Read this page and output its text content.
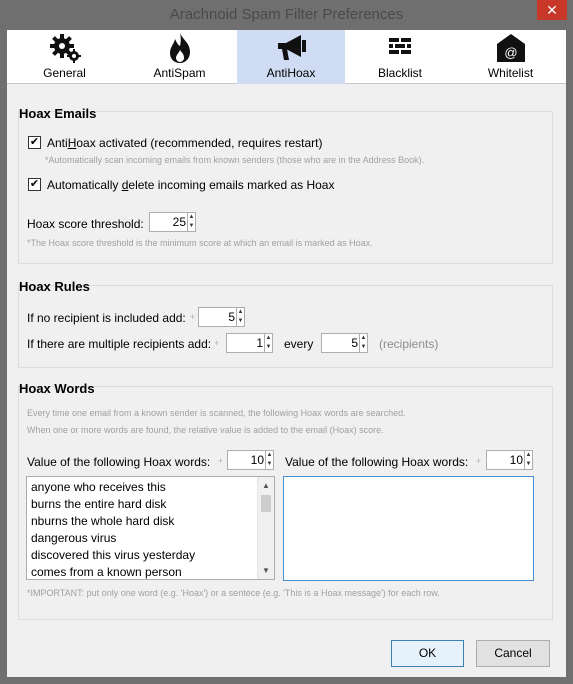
Arachnoid Spam Filter Preferences	✕
General	AntiSpam	AntiHoax	Blacklist
@
Whitelist
Hoax Emails
✔ AntiHoax activated (recommended, requires restart)
*Automatically scan incoming emails from known senders (those who are in the Address Book).
✔ Automatically delete incoming emails marked as Hoax
Hoax score threshold:	25 ▲
▼
*The Hoax score threshold is the minimum score at which an email is marked as Hoax.
Hoax Rules
If no recipient is included add: +	5 ▲
▼
If there are multiple recipients add: +	1 ▲
▼ every	5 ▲
▼ (recipients)
Hoax Words
Every time one email from a known sender is scanned, the following Hoax words are searched.
When one or more words are found, the relative value is added to the email (Hoax) score.
Value of the following Hoax words: +	10 ▲
▼ Value of the following Hoax words: +	10 ▲
▼
anyone who receives this
burns the entire hard disk
nburns the whole hard disk
dangerous virus
discovered this virus yesterday
comes from a known person
▲
▼
*IMPORTANT: put only one word (e.g. 'Hoax') or a sentece (e.g. 'This is a Hoax message') for each row.
OK	Cancel
